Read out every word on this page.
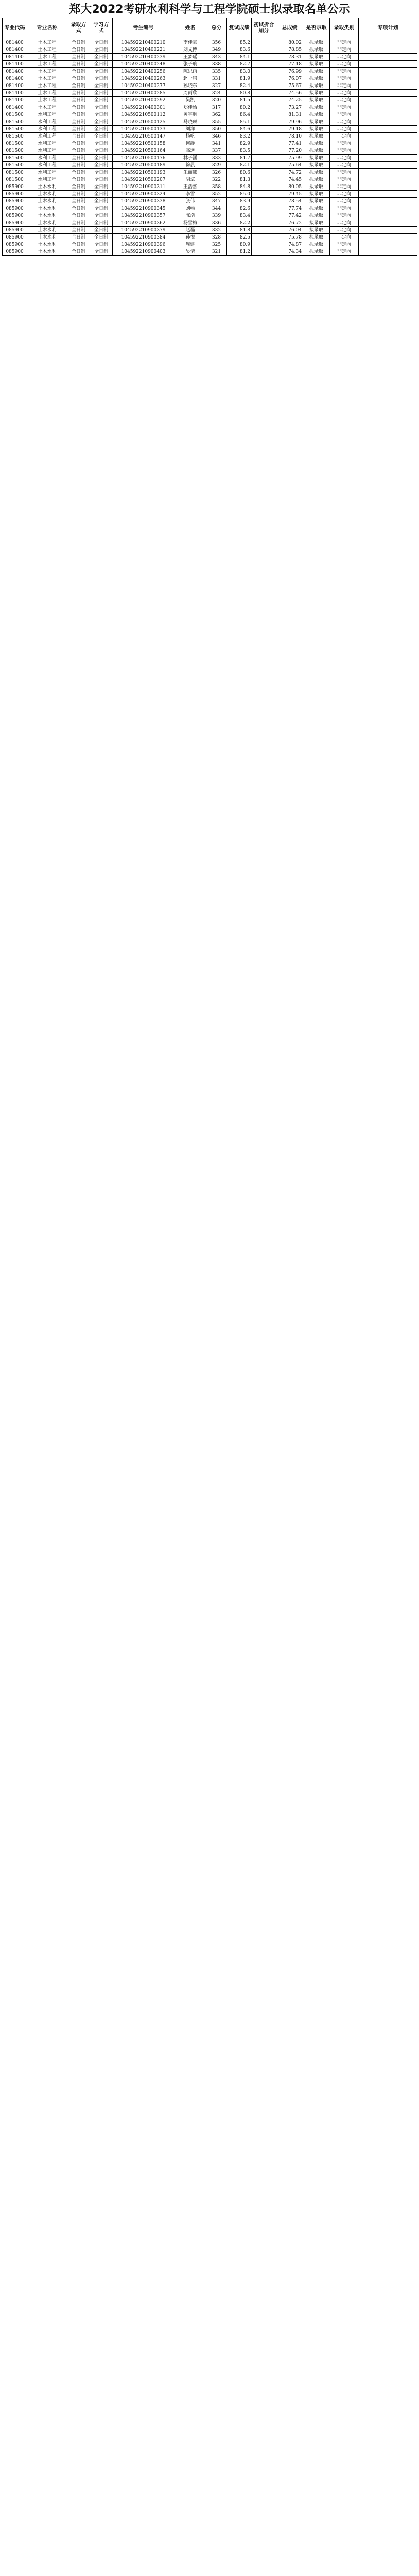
郑大2022考研水利科学与工程学院硕士拟录取名单公示
专业代码	专业名称	录取方式	学习方式	考生编号	姓名	总分	复试成绩	初试折合加分	总成绩	是否录取	录取类别	专项计划
081400	土木工程	全日制	全日制	104592210400210	李佳豪	356	85.2		80.02	拟录取	非定向	
081400	土木工程	全日制	全日制	104592210400221	刘文博	349	83.6		78.85	拟录取	非定向	
081400	土木工程	全日制	全日制	104592210400239	王梦瑶	343	84.1		78.31	拟录取	非定向	
081400	土木工程	全日制	全日制	104592210400248	张子航	338	82.7		77.18	拟录取	非定向	
081400	土木工程	全日制	全日制	104592210400256	陈思雨	335	83.0		76.99	拟录取	非定向	
081400	土木工程	全日制	全日制	104592210400263	赵一鸣	331	81.9		76.07	拟录取	非定向	
081400	土木工程	全日制	全日制	104592210400277	孙晓东	327	82.4		75.67	拟录取	非定向	
081400	土木工程	全日制	全日制	104592210400285	周雨欣	324	80.8		74.56	拟录取	非定向	
081400	土木工程	全日制	全日制	104592210400292	吴凯	320	81.5		74.25	拟录取	非定向	
081400	土木工程	全日制	全日制	104592210400301	郑佳怡	317	80.2		73.27	拟录取	非定向	
081500	水利工程	全日制	全日制	104592210500112	黄宇航	362	86.4		81.31	拟录取	非定向	
081500	水利工程	全日制	全日制	104592210500125	马晓琳	355	85.1		79.96	拟录取	非定向	
081500	水利工程	全日制	全日制	104592210500133	刘洋	350	84.6		79.18	拟录取	非定向	
081500	水利工程	全日制	全日制	104592210500147	杨帆	346	83.2		78.10	拟录取	非定向	
081500	水利工程	全日制	全日制	104592210500158	何静	341	82.9		77.41	拟录取	非定向	
081500	水利工程	全日制	全日制	104592210500164	高远	337	83.5		77.20	拟录取	非定向	
081500	水利工程	全日制	全日制	104592210500176	林子涵	333	81.7		75.99	拟录取	非定向	
081500	水利工程	全日制	全日制	104592210500189	徐晨	329	82.1		75.64	拟录取	非定向	
081500	水利工程	全日制	全日制	104592210500193	朱丽娜	326	80.6		74.72	拟录取	非定向	
081500	水利工程	全日制	全日制	104592210500207	胡斌	322	81.3		74.45	拟录取	非定向	
085900	土木水利	全日制	全日制	104592210900311	王浩然	358	84.8		80.05	拟录取	非定向	
085900	土木水利	全日制	全日制	104592210900324	李雪	352	85.0		79.45	拟录取	非定向	
085900	土木水利	全日制	全日制	104592210900338	张伟	347	83.9		78.54	拟录取	非定向	
085900	土木水利	全日制	全日制	104592210900345	刘畅	344	82.6		77.74	拟录取	非定向	
085900	土木水利	全日制	全日制	104592210900357	陈浩	339	83.4		77.42	拟录取	非定向	
085900	土木水利	全日制	全日制	104592210900362	杨雪梅	336	82.2		76.72	拟录取	非定向	
085900	土木水利	全日制	全日制	104592210900379	赵磊	332	81.8		76.04	拟录取	非定向	
085900	土木水利	全日制	全日制	104592210900384	孙悦	328	82.5		75.78	拟录取	非定向	
085900	土木水利	全日制	全日制	104592210900396	周建	325	80.9		74.87	拟录取	非定向	
085900	土木水利	全日制	全日制	104592210900403	吴倩	321	81.2		74.34	拟录取	非定向	
